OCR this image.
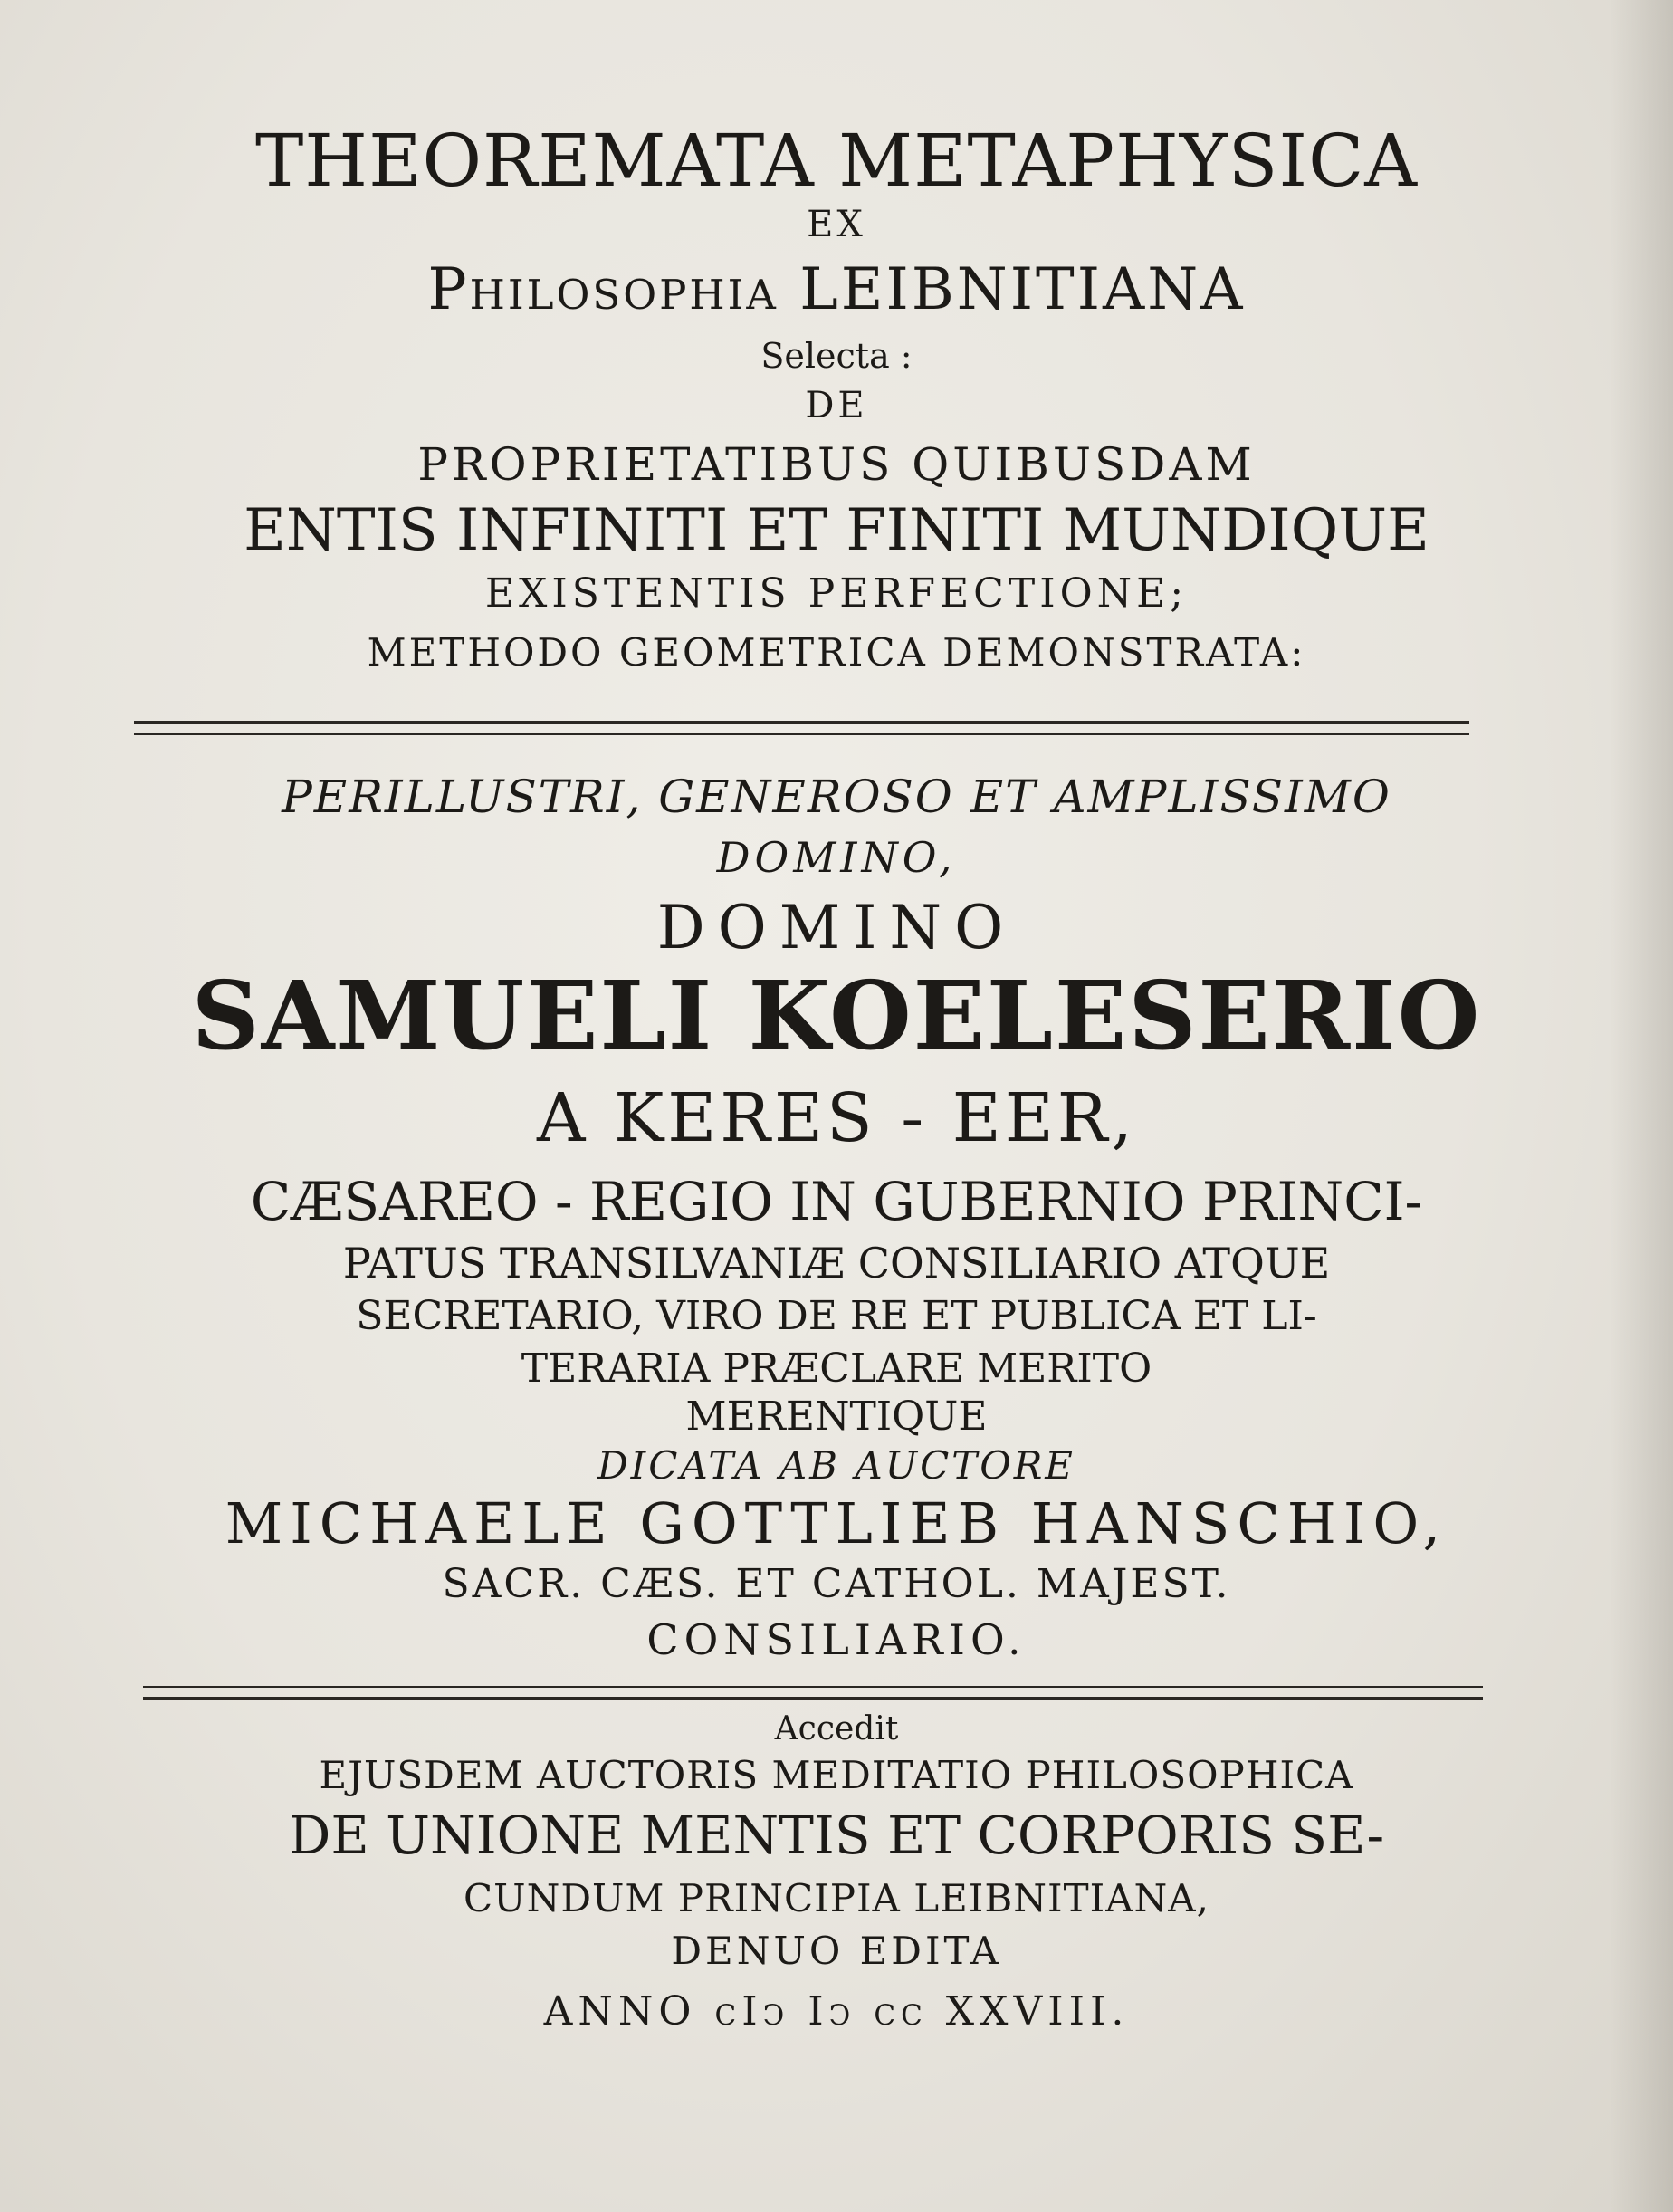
THEOREMATA METAPHYSICA
EX
Philosophia LEIBNITIANA
Selecta :
DE
PROPRIETATIBUS QUIBUSDAM
ENTIS INFINITI ET FINITI MUNDIQUE
EXISTENTIS PERFECTIONE;
METHODO GEOMETRICA DEMONSTRATA:
PERILLUSTRI, GENEROSO ET AMPLISSIMO
DOMINO,
DOMINO
SAMUELI KOELESERIO
A KERES - EER,
CÆSAREO - REGIO IN GUBERNIO PRINCI-
PATUS TRANSILVANIÆ CONSILIARIO ATQUE
SECRETARIO, VIRO DE RE ET PUBLICA ET LI-
TERARIA PRÆCLARE MERITO
MERENTIQUE
DICATA AB AUCTORE
MICHAELE GOTTLIEB HANSCHIO,
SACR. CÆS. ET CATHOL. MAJEST.
CONSILIARIO.
Accedit
EJUSDEM AUCTORIS MEDITATIO PHILOSOPHICA
DE UNIONE MENTIS ET CORPORIS SE-
CUNDUM PRINCIPIA LEIBNITIANA,
DENUO EDITA
ANNO cIↄ Iↄ cc XXVIII.
